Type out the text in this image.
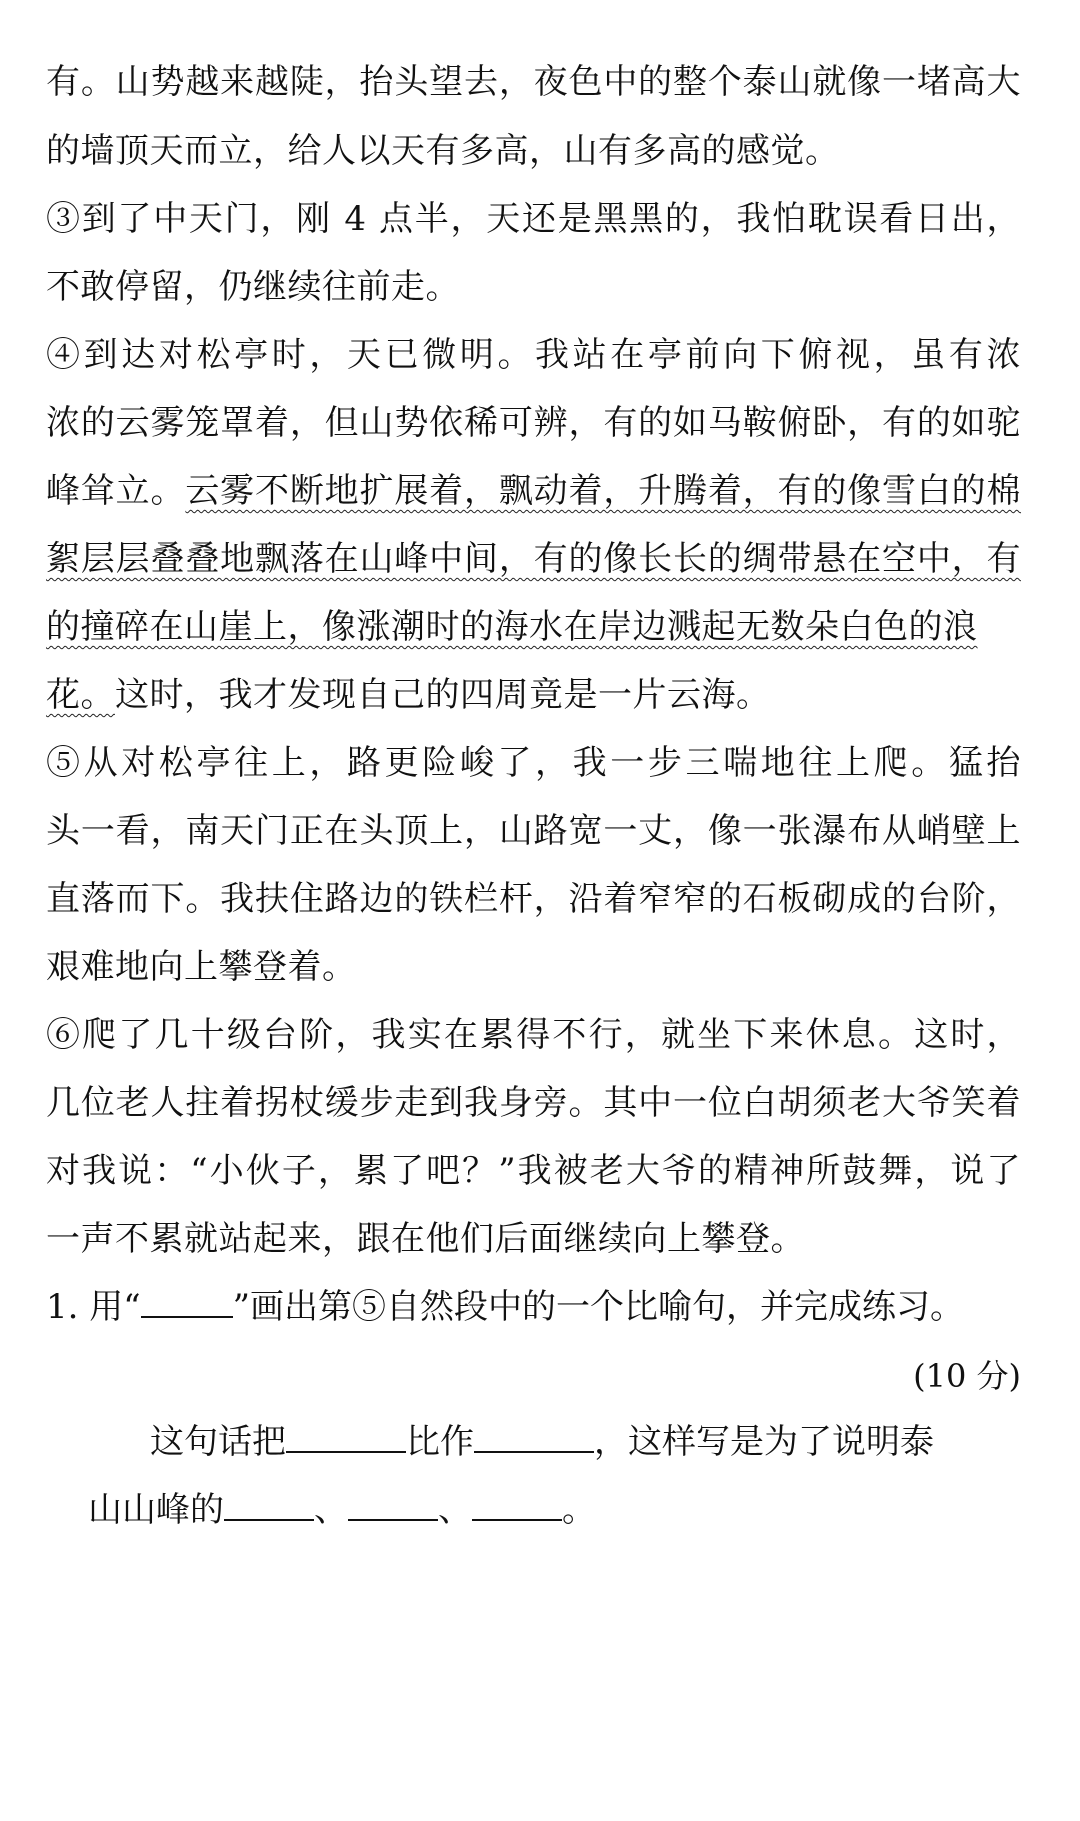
有。山势越来越陡，抬头望去，夜色中的整个泰山就像一堵高大
的墙顶天而立，给人以天有多高，山有多高的感觉。
③到了中天门，刚 4 点半，天还是黑黑的，我怕耽误看日出，
不敢停留，仍继续往前走。
④到达对松亭时，天已微明。我站在亭前向下俯视，虽有浓
浓的云雾笼罩着，但山势依稀可辨，有的如马鞍俯卧，有的如驼
峰耸立。云雾不断地扩展着，飘动着，升腾着，有的像雪白的棉
絮层层叠叠地飘落在山峰中间，有的像长长的绸带悬在空中，有
的撞碎在山崖上，像涨潮时的海水在岸边溅起无数朵白色的浪
花。这时，我才发现自己的四周竟是一片云海。
⑤从对松亭往上，路更险峻了，我一步三喘地往上爬。猛抬
头一看，南天门正在头顶上，山路宽一丈，像一张瀑布从峭壁上
直落而下。我扶住路边的铁栏杆，沿着窄窄的石板砌成的台阶，
艰难地向上攀登着。
⑥爬了几十级台阶，我实在累得不行，就坐下来休息。这时，
几位老人拄着拐杖缓步走到我身旁。其中一位白胡须老大爷笑着
对我说：“小伙子，累了吧？”我被老大爷的精神所鼓舞，说了
一声不累就站起来，跟在他们后面继续向上攀登。
1. 用“	”画出第⑤自然段中的一个比喻句，并完成练习。
(10 分)
这句话把	比作	，这样写是为了说明泰
山山峰的	、	、	。
